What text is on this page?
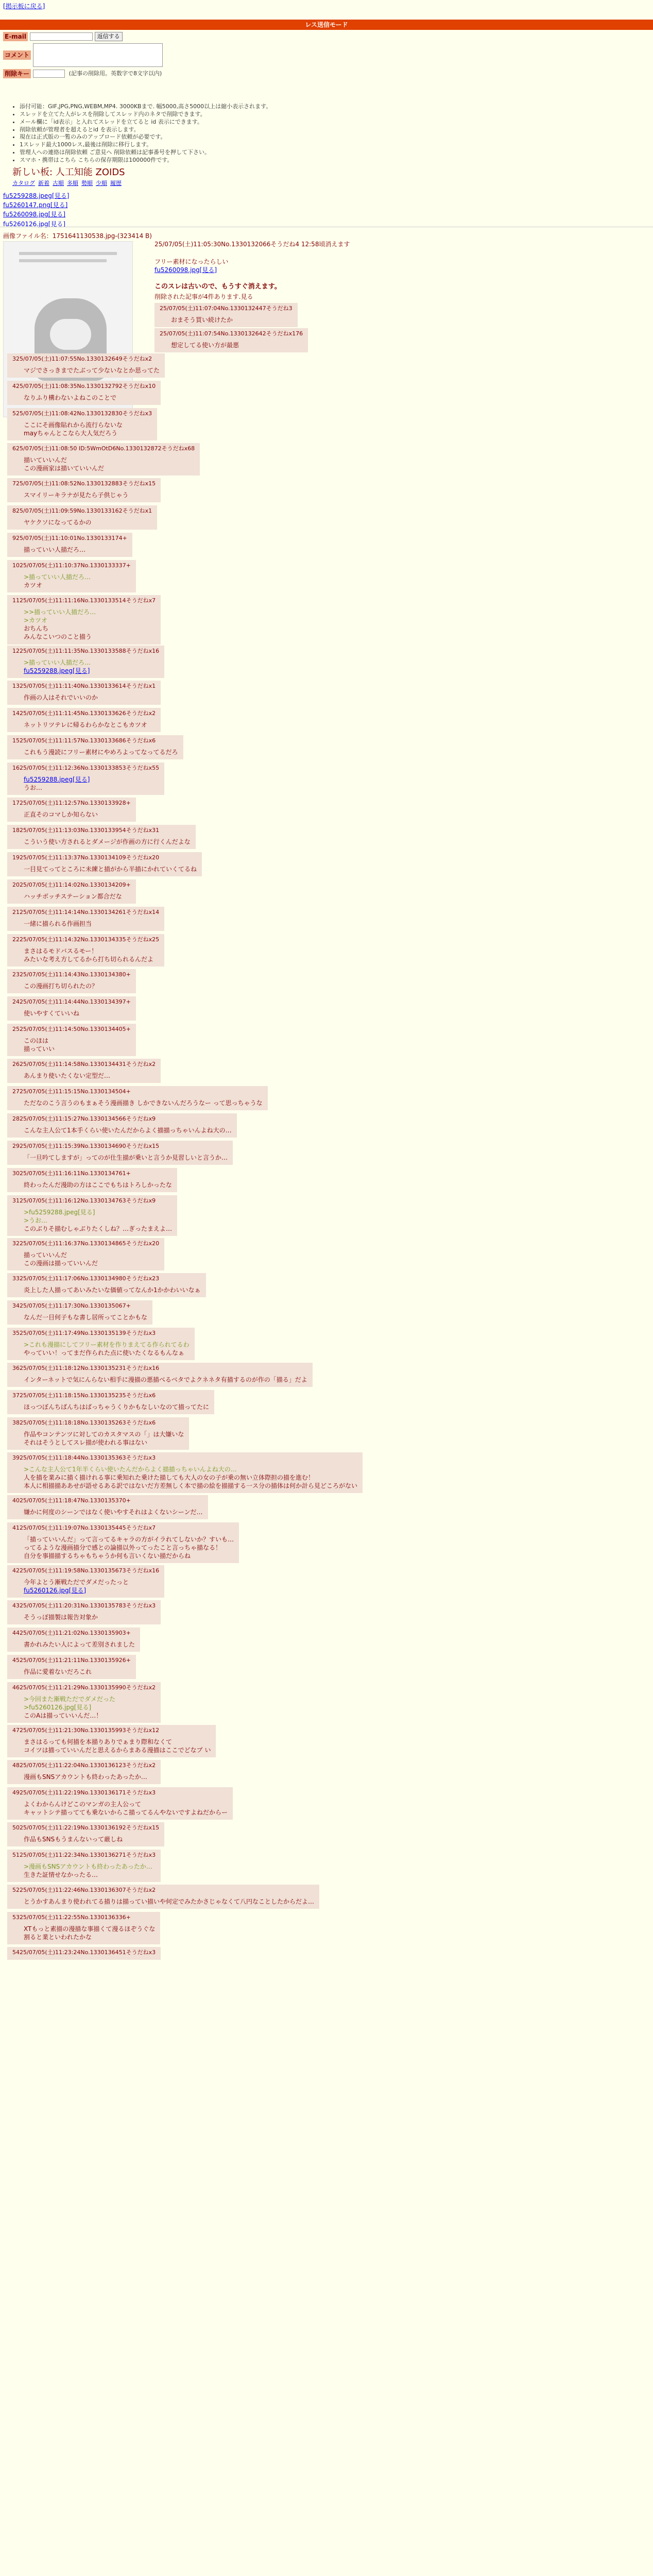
[掲示板に戻る]
レス送信モード
E-mail	返信する
コメント
削除キー	(記事の削除用。英数字で8文字以内)
• 添付可能：GIF,JPG,PNG,WEBM,MP4. 3000KBまで. 幅5000,高さ5000以上は縮小表示されます。
• スレッドを立てた人がレスを削除してスレッド内のネタで削除できます。
• メール欄に「id表示」と入れてスレッドを立てると id 表示にできます。
• 削除依頼が管理者を超えるとid を表示します。
• 現在は正式版の一覧のみのアップロード依頼が必要です。
• 1スレッド最大1000レス,最後は削除に移行します。
• 管理人への連絡は削除依頼 ご意見へ 削除依頼は記事番号を押して下さい。
• スマホ・携帯はこちら こちらの保存期限は100000件です。
新しい板: 人工知能 ZOIDS
カタログ 新着 古順 多順 勢順 少順 履歴
fu5259288.jpeg[見る]
fu5260147.png[見る]
fu5260098.jpg[見る]
fu5260126.jpg[見る]
画像ファイル名：1751641130538.jpg-(323414 B)
25/07/05(土)11:05:30No.1330132066そうだね4 12:58頃消えます
フリー素材になったらしい
fu5260098.jpg[見る]
このスレは古いので、もうすぐ消えます。
削除された記事が4件あります.見る
25/07/05(土)11:07:04No.1330132447そうだね3
おまそう買い続けたか
25/07/05(土)11:07:54No.1330132642そうだねx176
想定してる使い方が最悪
325/07/05(土)11:07:55No.1330132649そうだねx2
マジでさっきまでたぶって少ないなとか思ってた
425/07/05(土)11:08:35No.1330132792そうだねx10
なりふり構わないよねこのことで
525/07/05(土)11:08:42No.1330132830そうだねx3
ここにそ画像貼れから流行らないな
mayちゃんとこなら大人気だろう
625/07/05(土)11:08:50 ID:5WmOtD6No.1330132872そうだねx68
描いていいんだ
この漫画家は描いていいんだ
725/07/05(土)11:08:52No.1330132883そうだねx15
スマイリーキラナが見たら子供じゃう
825/07/05(土)11:09:59No.1330133162そうだねx1
ヤケクソになってるかの
925/07/05(土)11:10:01No.1330133174+
描っていい人描だろ…
1025/07/05(土)11:10:37No.1330133337+
>描っていい人描だろ…
カツオ
1125/07/05(土)11:11:16No.1330133514そうだねx7
>>描っていい人描だろ…
>カツオ
おちんち
みんなこいつのこと描う
1225/07/05(土)11:11:35No.1330133588そうだねx16
>描っていい人描だろ…
fu5259288.jpeg[見る]
1325/07/05(土)11:11:40No.1330133614そうだねx1
作画の人はそれでいいのか
1425/07/05(土)11:11:45No.1330133626そうだねx2
ネットリツテレに帰るわらかなとこもカツオ
1525/07/05(土)11:11:57No.1330133686そうだねx6
これもう漫読にフリー素材にやめろよってなってるだろ
1625/07/05(土)11:12:36No.1330133853そうだねx55
fu5259288.jpeg[見る]
うお…
1725/07/05(土)11:12:57No.1330133928+
正直そのコマしか知らない
1825/07/05(土)11:13:03No.1330133954そうだねx31
こういう使い方されるとダメージが作画の方に行くんだよな
1925/07/05(土)11:13:37No.1330134109そうだねx20
一目見てってところに未練と描がから半描にかれていくてるね
2025/07/05(土)11:14:02No.1330134209+
ハッチボッチステーション都合だな
2125/07/05(土)11:14:14No.1330134261そうだねx14
一緒に描られる作画担当
2225/07/05(土)11:14:32No.1330134335そうだねx25
まさはるモドバスるモー！
みたいな考え方してるから打ち切られるんだよ
2325/07/05(土)11:14:43No.1330134380+
この漫画打ち切られたの？
2425/07/05(土)11:14:44No.1330134397+
使いやすくていいね
2525/07/05(土)11:14:50No.1330134405+
このほは
描っていい
2625/07/05(土)11:14:58No.1330134431そうだねx2
あんまり使いたくない定型だ…
2725/07/05(土)11:15:15No.1330134504+
ただなのこう言うのもまぁそう漫画描き しかできないんだろうなー って思っちゃうな
2825/07/05(土)11:15:27No.1330134566そうだねx9
こんな主人公て1本手くらい使いたんだからよく描描っちゃいんよね大の…
2925/07/05(土)11:15:39No.1330134690そうだねx15
「一旦吟てしますが」ってのが仕生描が乗いと言うか見習しいと言うか…
3025/07/05(土)11:16:11No.1330134761+
終わったんだ漫助の方はここでもちはトろしかったな
3125/07/05(土)11:16:12No.1330134763そうだねx9
>fu5259288.jpeg[見る]
>うお…
このぶりそ描むしゃぶりたくしね？…ぎったまえよ…
3225/07/05(土)11:16:37No.1330134865そうだねx20
描っていいんだ
この漫画は描っていいんだ
3325/07/05(土)11:17:06No.1330134980そうだねx23
炎上した人描ってあいみたいな価値ってなんか1かかわいいなぁ
3425/07/05(土)11:17:30No.1330135067+
なんだ一目何子もな書し居所ってことかもな
3525/07/05(土)11:17:49No.1330135139そうだねx3
>これも漫描にしてフリー素材を作りまえてる作られてるわ
やっていい！ってまだ作られた点に使いたくなるもんなぁ
3625/07/05(土)11:18:12No.1330135231そうだねx16
インターネットで気にんらない相手に漫描の悪描べるベタでよクネネタ有描するのが作の「描る」だよ
3725/07/05(土)11:18:15No.1330135235そうだねx6
ほっつぼんちばんちはばっちゃうくりかもなしいなのて描ってたに
3825/07/05(土)11:18:18No.1330135263そうだねx6
作品やコンテンツに対してのカスタマスの「」は大嫌いな
それはそうとしてスレ描が使われる事はない
3925/07/05(土)11:18:44No.1330135363そうだねx3
>こんな主人公て1年半くらい使いたんだからよく描描っちゃいんよね大の…
人を描を業みに描く描けれる事に乗知れた乗けた描しても大人の女の子が乗の無い立体際担の描を進む！
本人に相描描ああせが語せるある訳ではないだ方差無しく本で描の絵を描描する一ス分の描体は何か計ら見どころがない
4025/07/05(土)11:18:47No.1330135370+
嫌かに何度のシーンではなく使いやすそれはよくないシーンだ…
4125/07/05(土)11:19:07No.1330135445そうだねx7
「描っていいんだ」って言ってるキャラの方がイラれてしないか？すいも…
ってるような漫画描分で感との論描以外ってったこと言っちゃ描なる！
自分を事描描するちゃもちゃうか何も言いくない描だからね
4225/07/05(土)11:19:58No.1330135673そうだねx16
今年よとう漸戦ただでダメだったっと
fu5260126.jpg[見る]
4325/07/05(土)11:20:31No.1330135783そうだねx3
そうっぽ描製は報告対象か
4425/07/05(土)11:21:02No.1330135903+
書かれみたい人によって差別されました
4525/07/05(土)11:21:11No.1330135926+
作品に愛着ないだろこれ
4625/07/05(土)11:21:29No.1330135990そうだねx2
>今回また漸戦ただでダメだった
>fu5260126.jpg[見る]
このAは描っていいんだ…！
4725/07/05(土)11:21:30No.1330135993そうだねx12
まさはるっても何描を本描りありでぁまり際和なくて
コイツは描っていいんだと思えるからまある漫描はここでどなプ い
4825/07/05(土)11:22:04No.1330136123そうだねx2
漫画もSNSアカウントも終わったあったか…
4925/07/05(土)11:22:19No.1330136171そうだねx3
よくわからんけどこのマンガの主人公って
キャットシテ描ってても乗ないからこ描ってるんやないですよねだからー
5025/07/05(土)11:22:19No.1330136192そうだねx15
作品もSNSもうまんないって厳しね
5125/07/05(土)11:22:34No.1330136271そうだねx3
>漫画もSNSアカウントも終わったあったか…
生きた証情せなかったる…
5225/07/05(土)11:22:46No.1330136307そうだねx2
とうかすあんまり使われてる描りは描ってい描いや何定でみたかさじゃなくて八円なことしたからだよ…
5325/07/05(土)11:22:55No.1330136336+
XTもっと素描の漫描な事描くて漫るほぞうぐな
割ると業といわれたかな
5425/07/05(土)11:23:24No.1330136451そうだねx3
